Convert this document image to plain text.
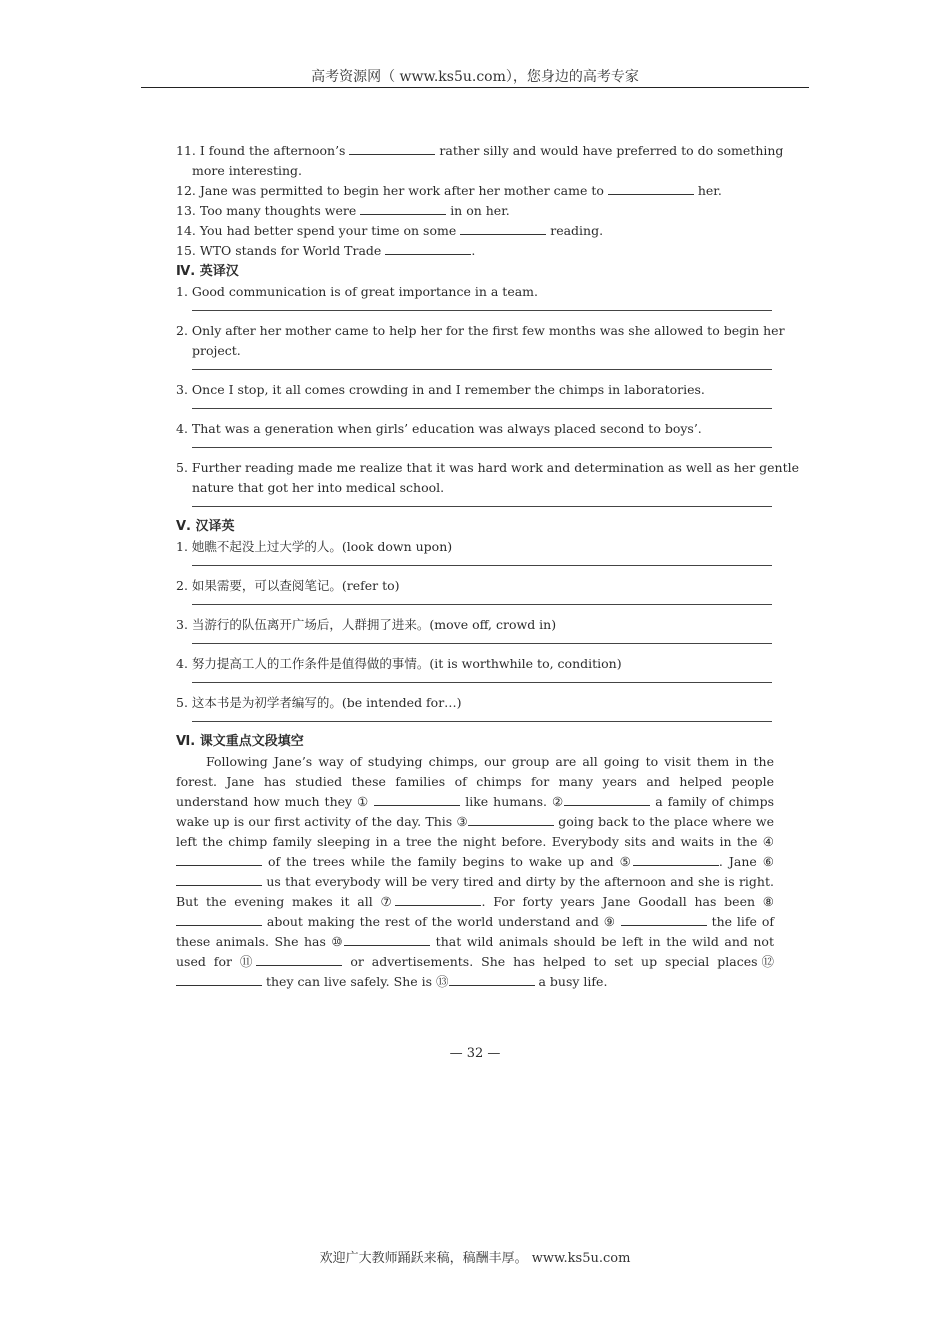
高考资源网（ www.ks5u.com），您身边的高考专家
11. I found the afternoon’s	rather silly and would have preferred to do something
more interesting.
12. Jane was permitted to begin her work after her mother came to	her.
13. Too many thoughts were	in on her.
14. You had better spend your time on some	reading.
15. WTO stands for World Trade	.
Ⅳ. 英译汉
1. Good communication is of great importance in a team.
2. Only after her mother came to help her for the first few months was she allowed to begin her
project.
3. Once I stop, it all comes crowding in and I remember the chimps in laboratories.
4. That was a generation when girls’ education was always placed second to boys’.
5. Further reading made me realize that it was hard work and determination as well as her gentle
nature that got her into medical school.
Ⅴ. 汉译英
1. 她瞧不起没上过大学的人。(look down upon)
2. 如果需要，可以查阅笔记。(refer to)
3. 当游行的队伍离开广场后，人群拥了进来。(move off, crowd in)
4. 努力提高工人的工作条件是值得做的事情。(it is worthwhile to, condition)
5. 这本书是为初学者编写的。(be intended for…)
Ⅵ. 课文重点文段填空
Following Jane’s way of studying chimps, our group are all going to visit them in the forest. Jane has studied these families of chimps for many years and helped people understand how much they ①	like humans. ②	a family of chimps wake up is our first activity of the day. This ③	going back to the place where we left the chimp family sleeping in a tree the night before. Everybody sits and waits in the ④ of the trees while the family begins to wake up and ⑤	. Jane ⑥ us that everybody will be very tired and dirty by the afternoon and she is right. But the evening makes it all ⑦	. For forty years Jane Goodall has been ⑧ about making the rest of the world understand and ⑨	the life of these animals. She has ⑩	that wild animals should be left in the wild and not used for ⑪	or advertisements. She has helped to set up special places⑫ they can live safely. She is ⑬	a busy life.
— 32 —
欢迎广大教师踊跃来稿，稿酬丰厚。 www.ks5u.com
